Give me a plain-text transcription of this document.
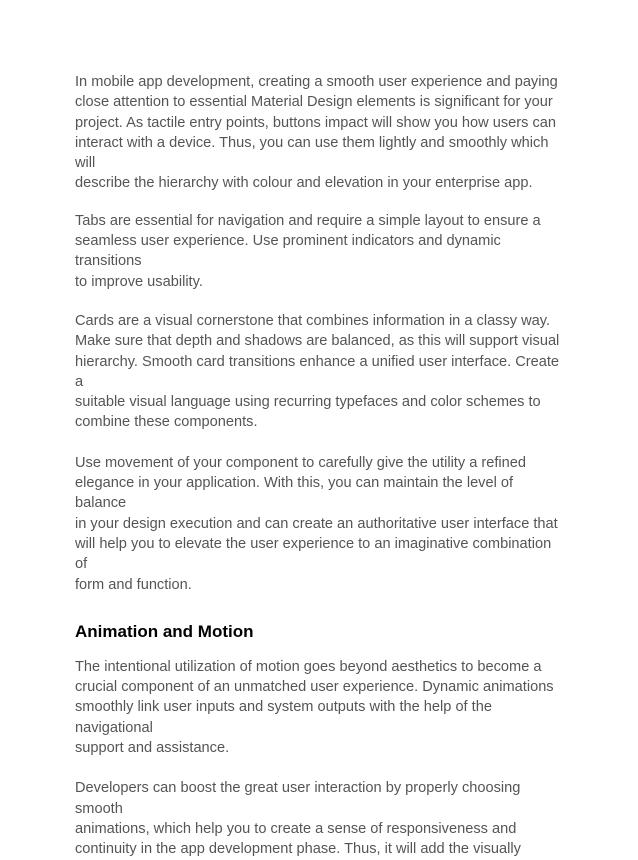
In mobile app development, creating a smooth user experience and paying
close attention to essential Material Design elements is significant for your
project. As tactile entry points, buttons impact will show you how users can
interact with a device. Thus, you can use them lightly and smoothly which will
describe the hierarchy with colour and elevation in your enterprise app.

Tabs are essential for navigation and require a simple layout to ensure a
seamless user experience. Use prominent indicators and dynamic transitions
to improve usability.

Cards are a visual cornerstone that combines information in a classy way.
Make sure that depth and shadows are balanced, as this will support visual
hierarchy. Smooth card transitions enhance a unified user interface. Create a
suitable visual language using recurring typefaces and color schemes to
combine these components.

Use movement of your component to carefully give the utility a refined
elegance in your application. With this, you can maintain the level of balance
in your design execution and can create an authoritative user interface that
will help you to elevate the user experience to an imaginative combination of
form and function.

Animation and Motion

The intentional utilization of motion goes beyond aesthetics to become a
crucial component of an unmatched user experience. Dynamic animations
smoothly link user inputs and system outputs with the help of the navigational
support and assistance.

Developers can boost the great user interaction by properly choosing smooth
animations, which help you to create a sense of responsiveness and
continuity in the app development phase. Thus, it will add the visually
